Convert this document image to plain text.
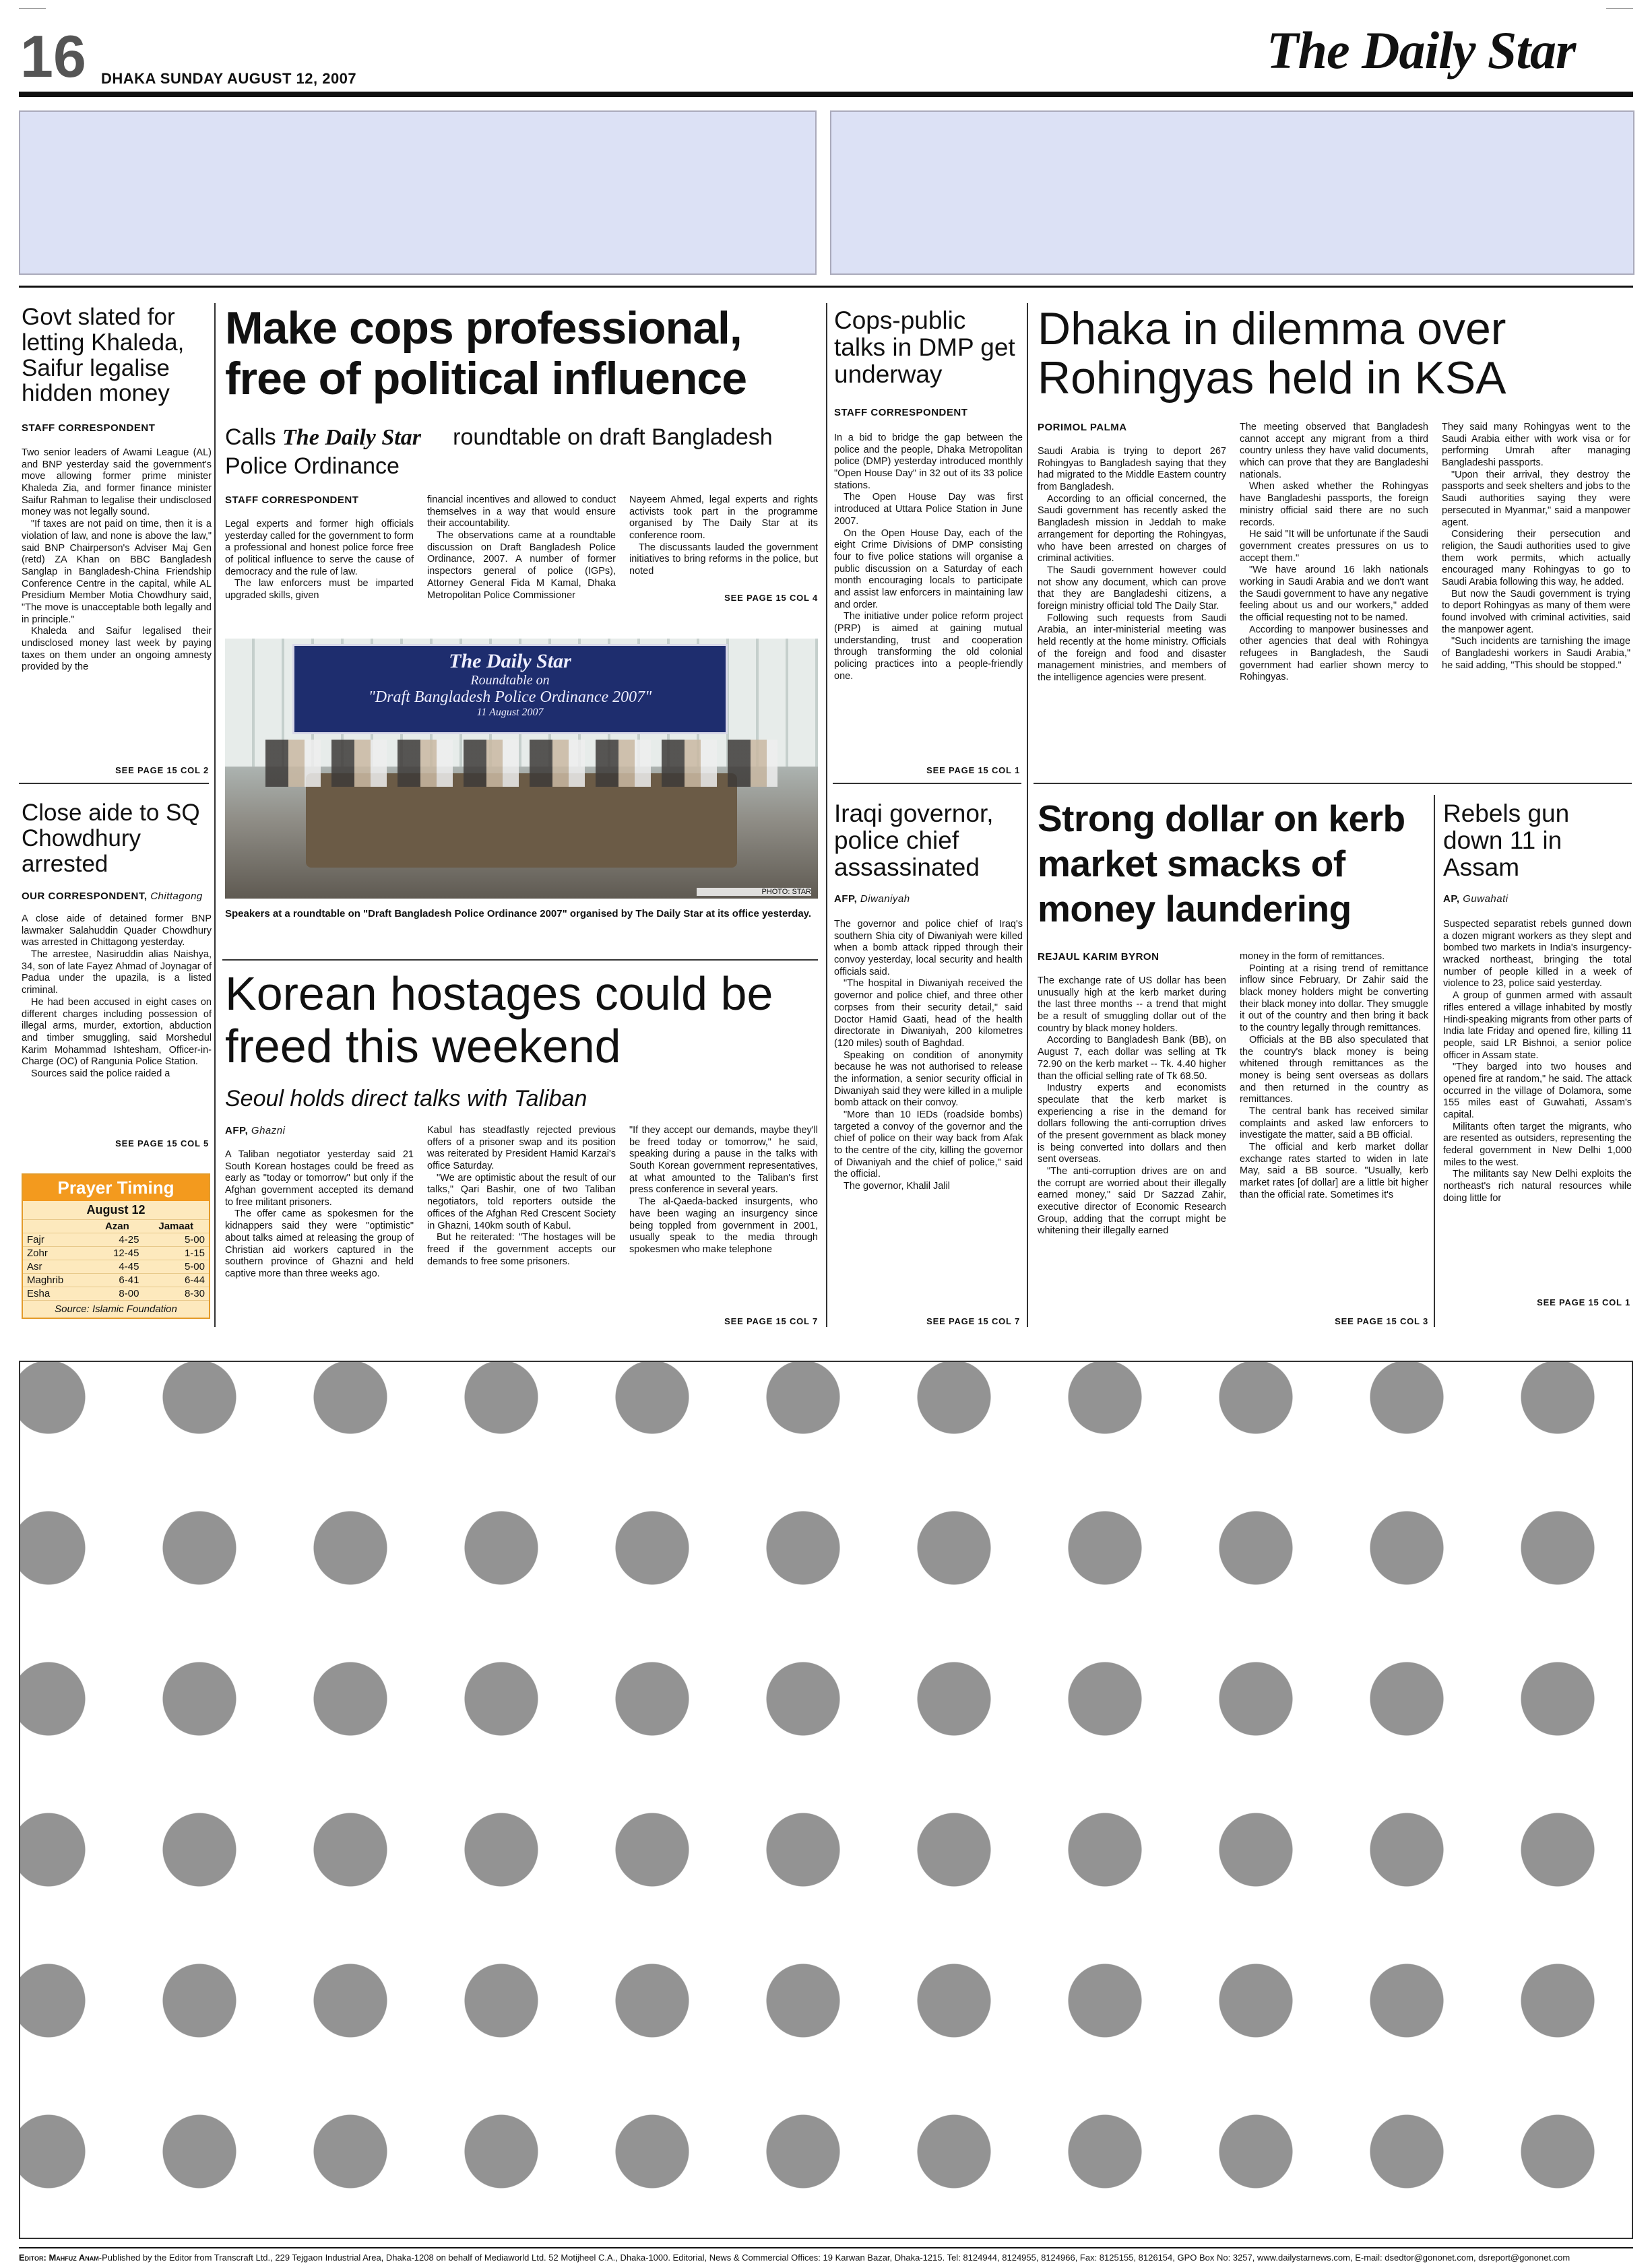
16 DHAKA SUNDAY AUGUST 12, 2007	The Daily Star
Govt slated for letting Khaleda, Saifur legalise hidden money
STAFF CORRESPONDENT

Two senior leaders of Awami League (AL) and BNP yesterday said the government's move allowing former prime minister Khaleda Zia, and former finance minister Saifur Rahman to legalise their undisclosed money was not legally sound.

"If taxes are not paid on time, then it is a violation of law, and none is above the law," said BNP Chairperson's Adviser Maj Gen (retd) ZA Khan on BBC Bangladesh Sanglap in Bangladesh-China Friendship Conference Centre in the capital, while AL Presidium Member Motia Chowdhury said, "The move is unacceptable both legally and in principle."

Khaleda and Saifur legalised their undisclosed money last week by paying taxes on them under an ongoing amnesty provided by the

SEE PAGE 15 COL 2
Close aide to SQ Chowdhury arrested
OUR CORRESPONDENT, Chittagong

A close aide of detained former BNP lawmaker Salahuddin Quader Chowdhury was arrested in Chittagong yesterday.

The arrestee, Nasiruddin alias Naishya, 34, son of late Fayez Ahmad of Joynagar of Padua under the upazila, is a listed criminal.

He had been accused in eight cases on different charges including possession of illegal arms, murder, extortion, abduction and timber smuggling, said Morshedul Karim Mohammad Ishtesham, Officer-in-Charge (OC) of Rangunia Police Station.

Sources said the police raided a

SEE PAGE 15 COL 5
Prayer Timing
August 12
	Azan	Jamaat
Fajr	4-25	5-00
Zohr	12-45	1-15
Asr	4-45	5-00
Maghrib	6-41	6-44
Esha	8-00	8-30
Source: Islamic Foundation
Make cops professional, free of political influence
Calls The Daily Star roundtable on draft Bangladesh Police Ordinance
STAFF CORRESPONDENT

Legal experts and former high officials yesterday called for the government to form a professional and honest police force free of political influence to serve the cause of democracy and the rule of law.

The law enforcers must be imparted upgraded skills, given

financial incentives and allowed to conduct themselves in a way that would ensure their accountability.

The observations came at a roundtable discussion on Draft Bangladesh Police Ordinance, 2007. A number of former inspectors general of police (IGPs), Attorney General Fida M Kamal, Dhaka Metropolitan Police Commissioner

Nayeem Ahmed, legal experts and rights activists took part in the programme organised by The Daily Star at its conference room.

The discussants lauded the government initiatives to bring reforms in the police, but noted

SEE PAGE 15 COL 4
The Daily Star
Roundtable on
"Draft Bangladesh Police Ordinance 2007"
11 August 2007
PHOTO: STAR
Speakers at a roundtable on "Draft Bangladesh Police Ordinance 2007" organised by The Daily Star at its office yesterday.
Korean hostages could be freed this weekend
Seoul holds direct talks with Taliban
AFP, Ghazni

A Taliban negotiator yesterday said 21 South Korean hostages could be freed as early as "today or tomorrow" but only if the Afghan government accepted its demand to free militant prisoners.

The offer came as spokesmen for the kidnappers said they were "optimistic" about talks aimed at releasing the group of Christian aid workers captured in the southern province of Ghazni and held captive more than three weeks ago.

Kabul has steadfastly rejected previous offers of a prisoner swap and its position was reiterated by President Hamid Karzai's office Saturday.

"We are optimistic about the result of our talks," Qari Bashir, one of two Taliban negotiators, told reporters outside the offices of the Afghan Red Crescent Society in Ghazni, 140km south of Kabul.

But he reiterated: "The hostages will be freed if the government accepts our demands to free some prisoners.

"If they accept our demands, maybe they'll be freed today or tomorrow," he said, speaking during a pause in the talks with South Korean government representatives, at what amounted to the Taliban's first press conference in several years.

The al-Qaeda-backed insurgents, who have been waging an insurgency since being toppled from government in 2001, usually speak to the media through spokesmen who make telephone

SEE PAGE 15 COL 7
Cops-public talks in DMP get underway
STAFF CORRESPONDENT

In a bid to bridge the gap between the police and the people, Dhaka Metropolitan police (DMP) yesterday introduced monthly "Open House Day" in 32 out of its 33 police stations.

The Open House Day was first introduced at Uttara Police Station in June 2007.

On the Open House Day, each of the eight Crime Divisions of DMP consisting four to five police stations will organise a public discussion on a Saturday of each month encouraging locals to participate and assist law enforcers in maintaining law and order.

The initiative under police reform project (PRP) is aimed at gaining mutual understanding, trust and cooperation through transforming the old colonial policing practices into a people-friendly one.

SEE PAGE 15 COL 1
Iraqi governor, police chief assassinated
AFP, Diwaniyah

The governor and police chief of Iraq's southern Shia city of Diwaniyah were killed when a bomb attack ripped through their convoy yesterday, local security and health officials said.

"The hospital in Diwaniyah received the governor and police chief, and three other corpses from their security detail," said Doctor Hamid Gaati, head of the health directorate in Diwaniyah, 200 kilometres (120 miles) south of Baghdad.

Speaking on condition of anonymity because he was not authorised to release the information, a senior security official in Diwaniyah said they were killed in a muliple bomb attack on their convoy.

"More than 10 IEDs (roadside bombs) targeted a convoy of the governor and the chief of police on their way back from Afak to the centre of the city, killing the governor of Diwaniyah and the chief of police," said the official.

The governor, Khalil Jalil

SEE PAGE 15 COL 7
Dhaka in dilemma over Rohingyas held in KSA
PORIMOL PALMA

Saudi Arabia is trying to deport 267 Rohingyas to Bangladesh saying that they had migrated to the Middle Eastern country from Bangladesh.

According to an official concerned, the Saudi government has recently asked the Bangladesh mission in Jeddah to make arrangement for deporting the Rohingyas, who have been arrested on charges of criminal activities.

The Saudi government however could not show any document, which can prove that they are Bangladeshi citizens, a foreign ministry official told The Daily Star.

Following such requests from Saudi Arabia, an inter-ministerial meeting was held recently at the home ministry. Officials of the foreign and food and disaster management ministries, and members of the intelligence agencies were present.

The meeting observed that Bangladesh cannot accept any migrant from a third country unless they have valid documents, which can prove that they are Bangladeshi nationals.

When asked whether the Rohingyas have Bangladeshi passports, the foreign ministry official said there are no such records.

He said "It will be unfortunate if the Saudi government creates pressures on us to accept them."

"We have around 16 lakh nationals working in Saudi Arabia and we don't want the Saudi government to have any negative feeling about us and our workers," added the official requesting not to be named.

According to manpower businesses and other agencies that deal with Rohingya refugees in Bangladesh, the Saudi government had earlier shown mercy to Rohingyas.

They said many Rohingyas went to the Saudi Arabia either with work visa or for performing Umrah after managing Bangladeshi passports.

"Upon their arrival, they destroy the passports and seek shelters and jobs to the Saudi authorities saying they were persecuted in Myanmar," said a manpower agent.

Considering their persecution and religion, the Saudi authorities used to give them work permits, which actually encouraged many Rohingyas to go to Saudi Arabia following this way, he added.

But now the Saudi government is trying to deport Rohingyas as many of them were found involved with criminal activities, said the manpower agent.

"Such incidents are tarnishing the image of Bangladeshi workers in Saudi Arabia," he said adding, "This should be stopped."

Strong dollar on kerb market smacks of money laundering
REJAUL KARIM BYRON

The exchange rate of US dollar has been unusually high at the kerb market during the last three months -- a trend that might be a result of smuggling dollar out of the country by black money holders.

According to Bangladesh Bank (BB), on August 7, each dollar was selling at Tk 72.90 on the kerb market -- Tk. 4.40 higher than the official selling rate of Tk 68.50.

Industry experts and economists speculate that the kerb market is experiencing a rise in the demand for dollars following the anti-corruption drives of the present government as black money is being converted into dollars and then sent overseas.

"The anti-corruption drives are on and the corrupt are worried about their illegally earned money," said Dr Sazzad Zahir, executive director of Economic Research Group, adding that the corrupt might be whitening their illegally earned

money in the form of remittances.

Pointing at a rising trend of remittance inflow since February, Dr Zahir said the black money holders might be converting their black money into dollar. They smuggle it out of the country and then bring it back to the country legally through remittances.

Officials at the BB also speculated that the country's black money is being whitened through remittances as the money is being sent overseas as dollars and then returned in the country as remittances.

The central bank has received similar complaints and asked law enforcers to investigate the matter, said a BB official.

The official and kerb market dollar exchange rates started to widen in late May, said a BB source. "Usually, kerb market rates [of dollar] are a little bit higher than the official rate. Sometimes it's

SEE PAGE 15 COL 3
Rebels gun down 11 in Assam
AP, Guwahati

Suspected separatist rebels gunned down a dozen migrant workers as they slept and bombed two markets in India's insurgency-wracked northeast, bringing the total number of people killed in a week of violence to 23, police said yesterday.

A group of gunmen armed with assault rifles entered a village inhabited by mostly Hindi-speaking migrants from other parts of India late Friday and opened fire, killing 11 people, said LR Bishnoi, a senior police officer in Assam state.

"They barged into two houses and opened fire at random," he said. The attack occurred in the village of Dolamora, some 155 miles east of Guwahati, Assam's capital.

Militants often target the migrants, who are resented as outsiders, representing the federal government in New Delhi 1,000 miles to the west.

The militants say New Delhi exploits the northeast's rich natural resources while doing little for

SEE PAGE 15 COL 1
Editor: Mahfuz Anam-Published by the Editor from Transcraft Ltd., 229 Tejgaon Industrial Area, Dhaka-1208 on behalf of Mediaworld Ltd. 52 Motijheel C.A., Dhaka-1000. Editorial, News & Commercial Offices: 19 Karwan Bazar, Dhaka-1215. Tel: 8124944, 8124955, 8124966, Fax: 8125155, 8126154, GPO Box No: 3257, www.dailystarnews.com, E-mail: dsedtor@gononet.com, dsreport@gononet.com
